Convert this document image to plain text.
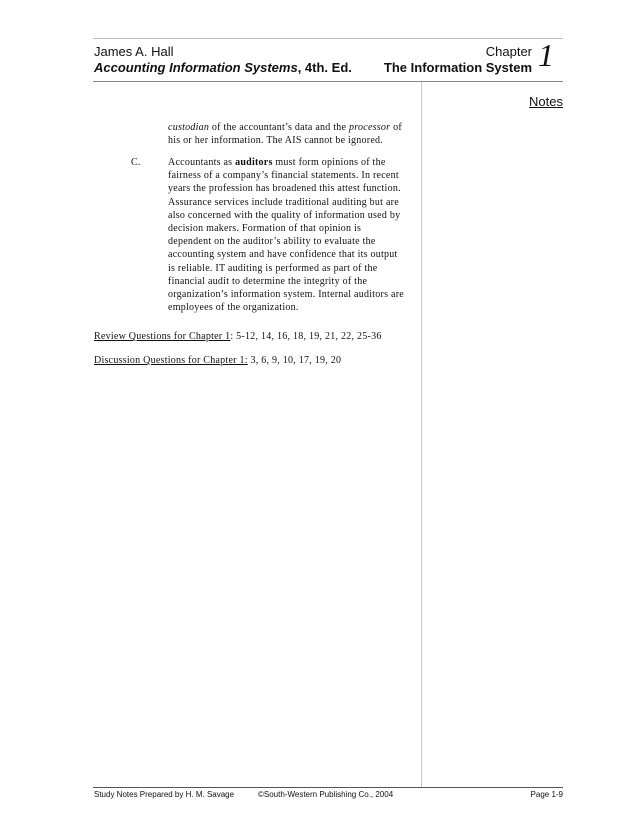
James A. Hall
Accounting Information Systems, 4th. Ed.
Chapter
The Information System 1
Notes
custodian of the accountant’s data and the processor of his or her information. The AIS cannot be ignored.
C.	Accountants as auditors must form opinions of the fairness of a company’s financial statements. In recent years the profession has broadened this attest function. Assurance services include traditional auditing but are also concerned with the quality of information used by decision makers. Formation of that opinion is dependent on the auditor’s ability to evaluate the accounting system and have confidence that its output is reliable. IT auditing is performed as part of the financial audit to determine the integrity of the organization’s information system. Internal auditors are employees of the organization.
Review Questions for Chapter 1: 5-12, 14, 16, 18, 19, 21, 22, 25-36
Discussion Questions for Chapter 1: 3, 6, 9, 10, 17, 19, 20
Study Notes Prepared by H. M. Savage	©South-Western Publishing Co., 2004	Page 1-9
